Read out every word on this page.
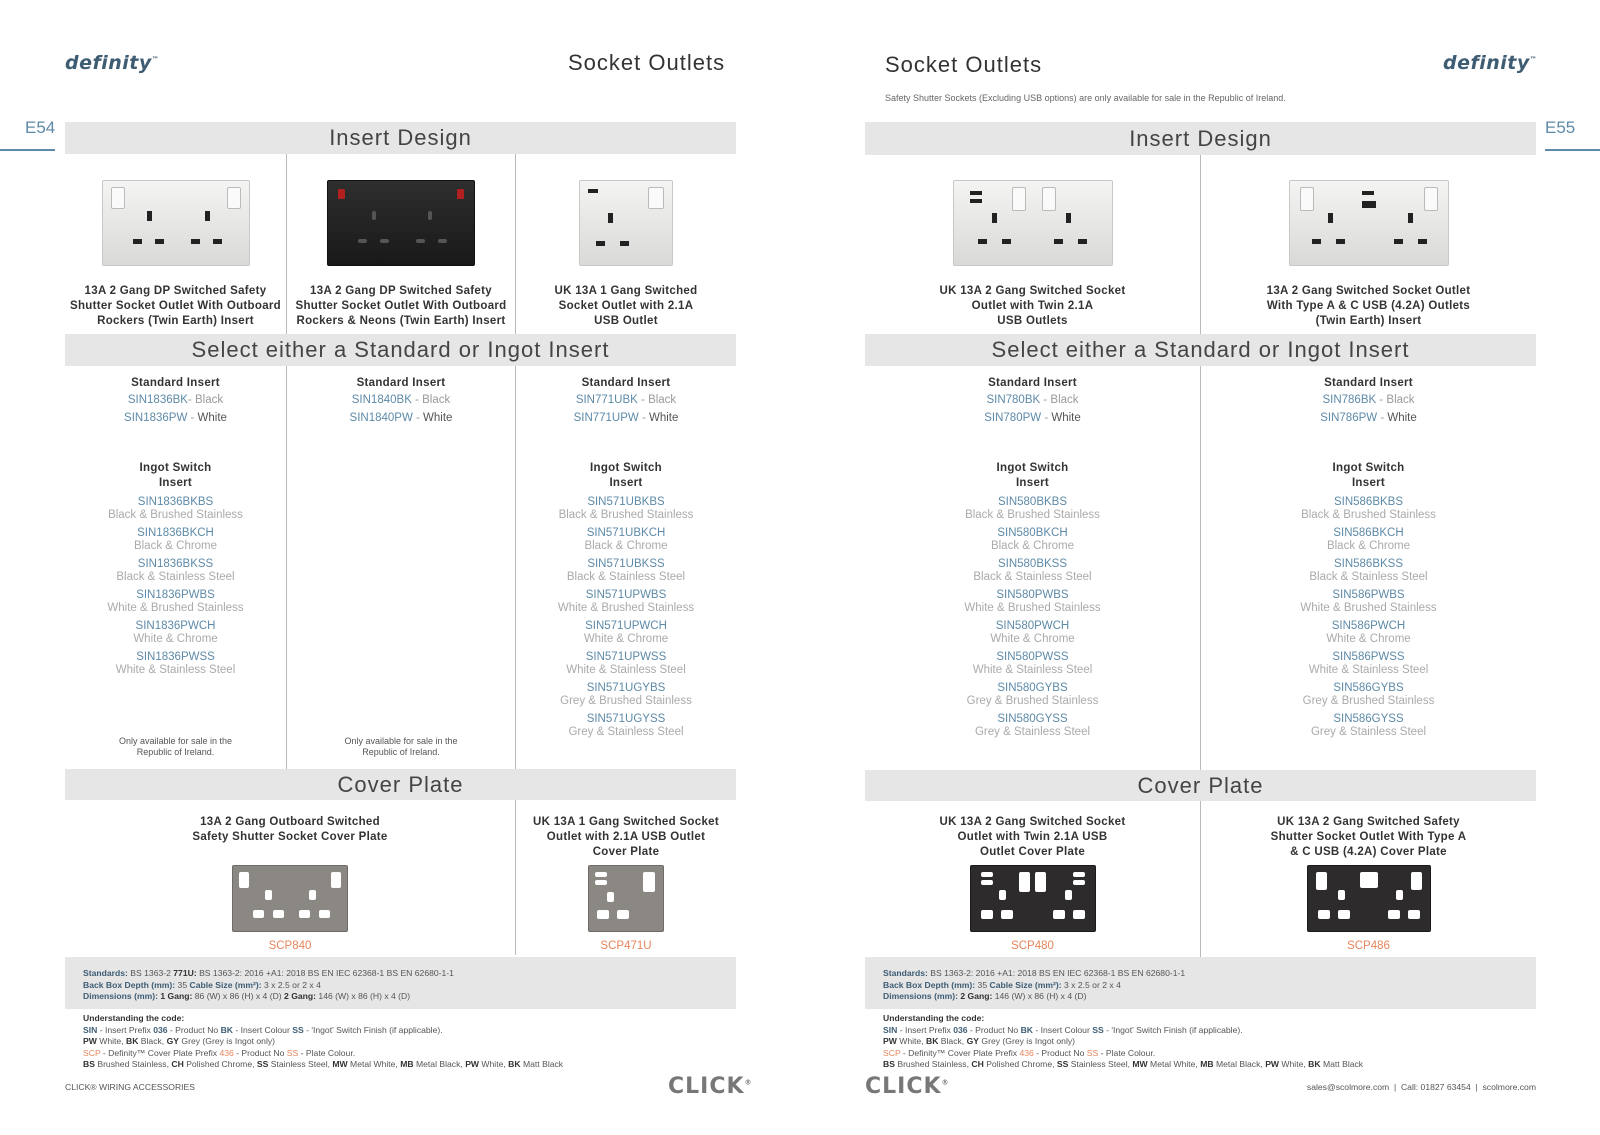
definity™	Socket Outlets
E54	Insert Design
13A 2 Gang DP Switched Safety
Shutter Socket Outlet With Outboard
Rockers (Twin Earth) Insert
13A 2 Gang DP Switched Safety
Shutter Socket Outlet With Outboard
Rockers & Neons (Twin Earth) Insert
UK 13A 1 Gang Switched
Socket Outlet with 2.1A
USB Outlet
Select either a Standard or Ingot Insert
Standard Insert
SIN1836BK- Black
SIN1836PW - White
Ingot Switch
Insert
SIN1836BKBS
Black & Brushed Stainless
SIN1836BKCH
Black & Chrome
SIN1836BKSS
Black & Stainless Steel
SIN1836PWBS
White & Brushed Stainless
SIN1836PWCH
White & Chrome
SIN1836PWSS
White & Stainless Steel
Only available for sale in the
Republic of Ireland.
Standard Insert
SIN1840BK - Black
SIN1840PW - White
Only available for sale in the
Republic of Ireland.
Standard Insert
SIN771UBK - Black
SIN771UPW - White
Ingot Switch
Insert
SIN571UBKBS
Black & Brushed Stainless
SIN571UBKCH
Black & Chrome
SIN571UBKSS
Black & Stainless Steel
SIN571UPWBS
White & Brushed Stainless
SIN571UPWCH
White & Chrome
SIN571UPWSS
White & Stainless Steel
SIN571UGYBS
Grey & Brushed Stainless
SIN571UGYSS
Grey & Stainless Steel
Cover Plate
13A 2 Gang Outboard Switched
Safety Shutter Socket Cover Plate
SCP840
UK 13A 1 Gang Switched Socket
Outlet with 2.1A USB Outlet
Cover Plate
SCP471U
Standards: BS 1363-2 771U: BS 1363-2: 2016 +A1: 2018 BS EN IEC 62368-1 BS EN 62680-1-1
Back Box Depth (mm): 35 Cable Size (mm²): 3 x 2.5 or 2 x 4
Dimensions (mm): 1 Gang: 86 (W) x 86 (H) x 4 (D) 2 Gang: 146 (W) x 86 (H) x 4 (D)
Understanding the code:
SIN - Insert Prefix 036 - Product No BK - Insert Colour SS - 'Ingot' Switch Finish (if applicable).
PW White, BK Black, GY Grey (Grey is Ingot only)
SCP - Definity™ Cover Plate Prefix 436 - Product No SS - Plate Colour.
BS Brushed Stainless, CH Polished Chrome, SS Stainless Steel, MW Metal White, MB Metal Black, PW White, BK Matt Black
CLICK® WIRING ACCESSORIES	CLICK®
Socket Outlets	definity™
Safety Shutter Sockets (Excluding USB options) are only available for sale in the Republic of Ireland.
E55
Insert Design
UK 13A 2 Gang Switched Socket
Outlet with Twin 2.1A
USB Outlets
13A 2 Gang Switched Socket Outlet
With Type A & C USB (4.2A) Outlets
(Twin Earth) Insert
Select either a Standard or Ingot Insert
Standard Insert
SIN780BK - Black
SIN780PW - White
Ingot Switch
Insert
SIN580BKBS
Black & Brushed Stainless
SIN580BKCH
Black & Chrome
SIN580BKSS
Black & Stainless Steel
SIN580PWBS
White & Brushed Stainless
SIN580PWCH
White & Chrome
SIN580PWSS
White & Stainless Steel
SIN580GYBS
Grey & Brushed Stainless
SIN580GYSS
Grey & Stainless Steel
Standard Insert
SIN786BK - Black
SIN786PW - White
Ingot Switch
Insert
SIN586BKBS
Black & Brushed Stainless
SIN586BKCH
Black & Chrome
SIN586BKSS
Black & Stainless Steel
SIN586PWBS
White & Brushed Stainless
SIN586PWCH
White & Chrome
SIN586PWSS
White & Stainless Steel
SIN586GYBS
Grey & Brushed Stainless
SIN586GYSS
Grey & Stainless Steel
Cover Plate
UK 13A 2 Gang Switched Socket
Outlet with Twin 2.1A USB
Outlet Cover Plate
SCP480
UK 13A 2 Gang Switched Safety
Shutter Socket Outlet With Type A
& C USB (4.2A) Cover Plate
SCP486
Standards: BS 1363-2: 2016 +A1: 2018 BS EN IEC 62368-1 BS EN 62680-1-1
Back Box Depth (mm): 35 Cable Size (mm²): 3 x 2.5 or 2 x 4
Dimensions (mm): 2 Gang: 146 (W) x 86 (H) x 4 (D)
Understanding the code:
SIN - Insert Prefix 036 - Product No BK - Insert Colour SS - 'Ingot' Switch Finish (if applicable).
PW White, BK Black, GY Grey (Grey is Ingot only)
SCP - Definity™ Cover Plate Prefix 436 - Product No SS - Plate Colour.
BS Brushed Stainless, CH Polished Chrome, SS Stainless Steel, MW Metal White, MB Metal Black, PW White, BK Matt Black
CLICK®	sales@scolmore.com  |  Call: 01827 63454  |  scolmore.com
